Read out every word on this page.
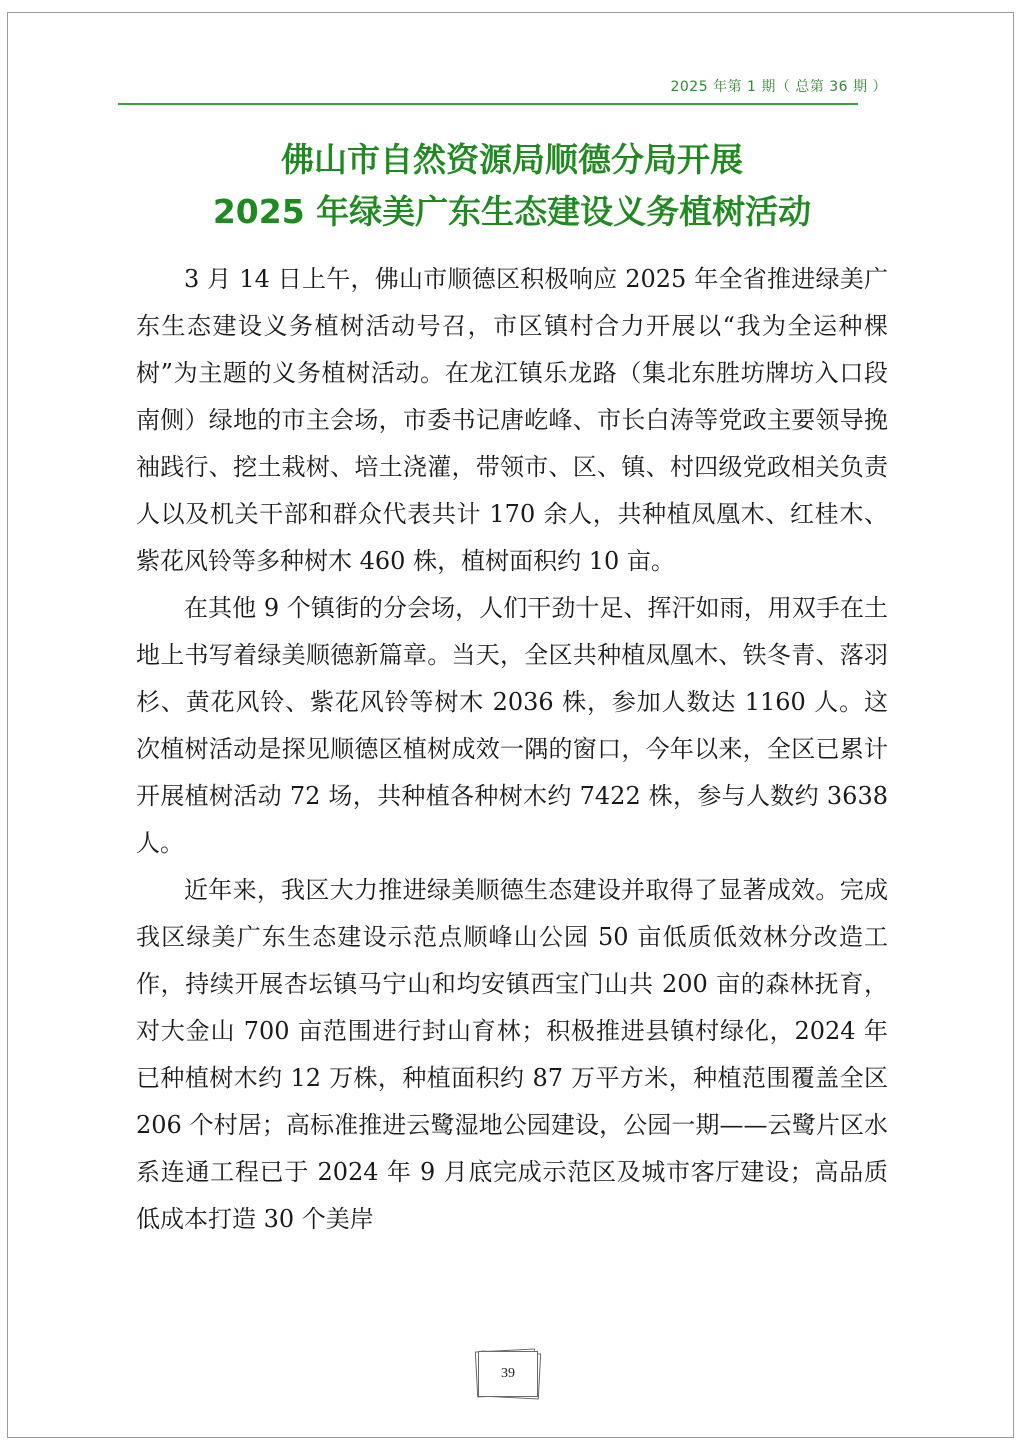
2025 年第 1 期（ 总第 36 期 ）
佛山市自然资源局顺德分局开展
2025 年绿美广东生态建设义务植树活动

3 月 14 日上午，佛山市顺德区积极响应 2025 年全省推进绿美广东生态建设义务植树活动号召，市区镇村合力开展以“我为全运种棵树”为主题的义务植树活动。在龙江镇乐龙路（集北东胜坊牌坊入口段南侧）绿地的市主会场，市委书记唐屹峰、市长白涛等党政主要领导挽袖践行、挖土栽树、培土浇灌，带领市、区、镇、村四级党政相关负责人以及机关干部和群众代表共计 170 余人，共种植凤凰木、红桂木、紫花风铃等多种树木 460 株，植树面积约 10 亩。

在其他 9 个镇街的分会场，人们干劲十足、挥汗如雨，用双手在土地上书写着绿美顺德新篇章。当天，全区共种植凤凰木、铁冬青、落羽杉、黄花风铃、紫花风铃等树木 2036 株，参加人数达 1160 人。这次植树活动是探见顺德区植树成效一隅的窗口，今年以来，全区已累计开展植树活动 72 场，共种植各种树木约 7422 株，参与人数约 3638 人。

近年来，我区大力推进绿美顺德生态建设并取得了显著成效。完成我区绿美广东生态建设示范点顺峰山公园 50 亩低质低效林分改造工作，持续开展杏坛镇马宁山和均安镇西宝门山共 200 亩的森林抚育，对大金山 700 亩范围进行封山育林；积极推进县镇村绿化，2024 年已种植树木约 12 万株，种植面积约 87 万平方米，种植范围覆盖全区 206 个村居；高标准推进云鹭湿地公园建设，公园一期——云鹭片区水系连通工程已于 2024 年 9 月底完成示范区及城市客厅建设；高品质低成本打造 30 个美岸

39
